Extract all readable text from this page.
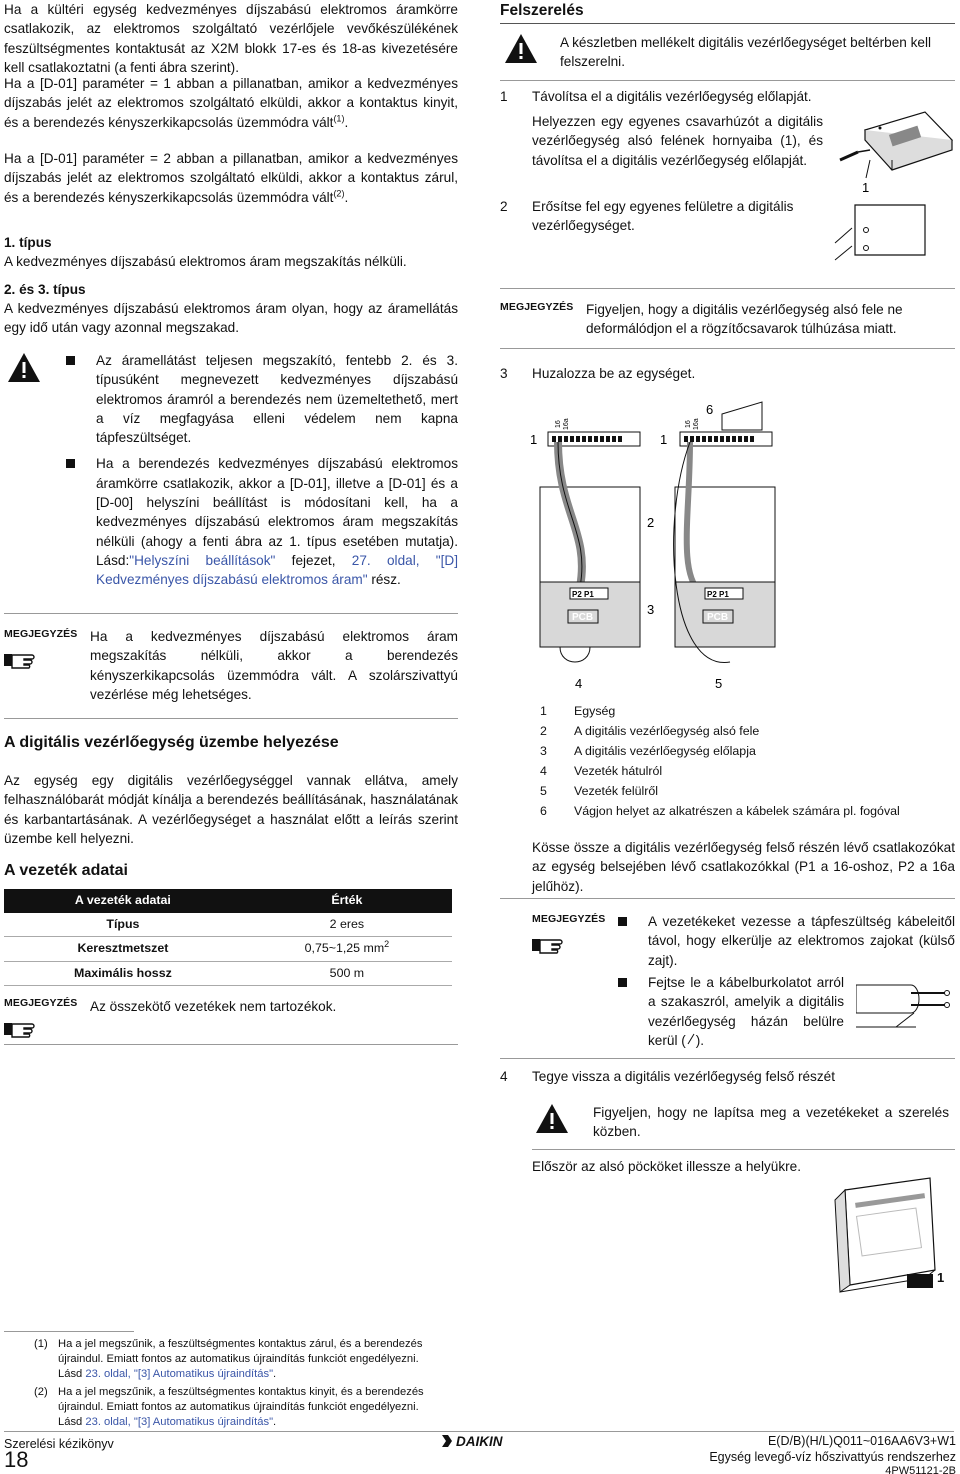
Ha a kültéri egység kedvezményes díjszabású elektromos áramkörre csatlakozik, az elektromos szolgáltató vezérlőjele vevőkészülékének feszültségmentes kontaktusát az X2M blokk 17-es és 18-as kivezetésére kell csatlakoztatni (a fenti ábra szerint).

Ha a [D-01] paraméter = 1 abban a pillanatban, amikor a kedvezményes díjszabás jelét az elektromos szolgáltató elküldi, akkor a kontaktus kinyit, és a berendezés kényszerkikapcsolás üzemmódra vált$^{(1)}$.

Ha a [D-01] paraméter = 2 abban a pillanatban, amikor a kedvezményes díjszabás jelét az elektromos szolgáltató elküldi, akkor a kontaktus zárul, és a berendezés kényszerkikapcsolás üzemmódra vált$^{(2)}$.

1. típus

A kedvezményes díjszabású elektromos áram megszakítás nélküli.

2. és 3. típus

A kedvezményes díjszabású elektromos áram olyan, hogy az áramellátás egy idő után vagy azonnal megszakad.

Az áramellátást teljesen megszakító, fentebb 2. és 3. típusúként megnevezett kedvezményes díjszabású elektromos áramról a berendezés nem üzemeltethető, mert a víz megfagyása elleni védelem nem kapna tápfeszültséget.
Ha a berendezés kedvezményes díjszabású elektromos áramkörre csatlakozik, akkor a [D-01], illetve a [D-01] és a [D-00] helyszíni beállítást is módosítani kell, ha a kedvezményes díjszabású elektromos áram megszakítás nélküli (ahogy a fenti ábra az 1. típus esetében mutatja). Lásd:"Helyszíni beállítások" fejezet, 27. oldal, "[D] Kedvezményes díjszabású elektromos áram" rész.
MEGJEGYZÉS Ha a kedvezményes díjszabású elektromos áram megszakítás nélküli, akkor a berendezés kényszerkikapcsolás üzemmódra vált. A szolárszivattyú vezérlése még lehetséges.

A digitális vezérlőegység üzembe helyezése

Az egység egy digitális vezérlőegységgel vannak ellátva, amely felhasználóbarát módját kínálja a berendezés beállításának, használatának és karbantartásának. A vezérlőegységet a használat előtt a leírás szerint üzembe kell helyezni.

A vezeték adatai
A vezeték adatai	Érték
Típus	2 eres
Keresztmetszet	0,75~1,25 $mm^2$
Maximális hossz	500 m
MEGJEGYZÉS Az összekötő vezetékek nem tartozékok.

Felszerelés

A készletben mellékelt digitális vezérlőegységet beltérben kell felszerelni.

1 Távolítsa el a digitális vezérlőegység előlapját.

Helyezzen egy egyenes csavarhúzót a digitális vezérlőegység alsó felének hornyaiba (1), és távolítsa el a digitális vezérlőegység előlapját.

1
2 Erősítse fel egy egyenes felületre a digitális vezérlőegységet.

MEGJEGYZÉS Figyeljen, hogy a digitális vezérlőegység alsó fele ne deformálódjon el a rögzítőcsavarok túlhúzása miatt.

3 Huzalozza be az egységet.

1	1
2
3
4	5
6
16 16a
P2 P1
PCB
16 16a
P2 P1
PCB
1 Egység
2 A digitális vezérlőegység alsó fele
3 A digitális vezérlőegység előlapja
4 Vezeték hátulról
5 Vezeték felülről
6 Vágjon helyet az alkatrészen a kábelek számára pl. fogóval

Kösse össze a digitális vezérlőegység felső részén lévő csatlakozókat az egység belsejében lévő csatlakozókkal (P1 a 16-oshoz, P2 a 16a jelűhöz).

MEGJEGYZÉS	A vezetékeket vezesse a tápfeszültség kábeleitől távol, hogy elkerülje az elektromos zajokat (külső zajt).
Fejtse le a kábelburkolatot arról a szakaszról, amelyik a digitális vezérlőegység házán belülre kerül ( ).
4 Tegye vissza a digitális vezérlőegység felső részét

Figyeljen, hogy ne lapítsa meg a vezetékeket a szerelés közben.

Először az alsó pöcköket illessze a helyükre.

1
(1) Ha a jel megszűnik, a feszültségmentes kontaktus zárul, és a berendezés újraindul. Emiatt fontos az automatikus újraindítás funkciót engedélyezni.
Lásd 23. oldal, "[3] Automatikus újraindítás".
(2) Ha a jel megszűnik, a feszültségmentes kontaktus kinyit, és a berendezés újraindul. Emiatt fontos az automatikus újraindítás funkciót engedélyezni.
Lásd 23. oldal, "[3] Automatikus újraindítás".
Szerelési kézikönyv
18
DAIKIN	E(D/B)(H/L)Q011~016AA6V3+W1
Egység levegő-víz hőszivattyús rendszerhez
4PW51121-2B
